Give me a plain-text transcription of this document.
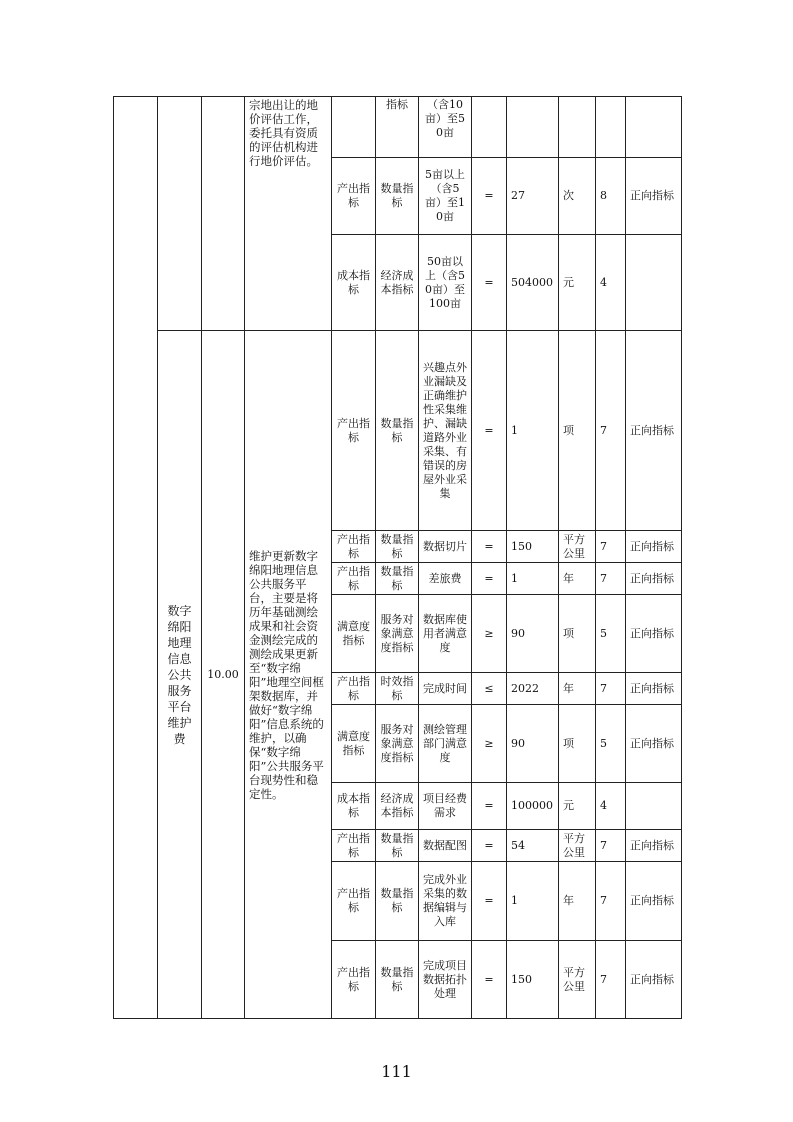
			宗地出让的地价评估工作，委托具有资质的评估机构进行地价评估。		指标	（含10亩）至50亩					
				产出指标	数量指标	5亩以上（含5亩）至10亩	=	27	次	8	正向指标
				成本指标	经济成本指标	50亩以上（含50亩）至100亩	=	504000	元	4	
	数字绵阳地理信息公共服务平台维护费	10.00	维护更新数字绵阳地理信息公共服务平台，主要是将历年基础测绘成果和社会资金测绘完成的测绘成果更新至“数字绵阳”地理空间框架数据库，并做好“数字绵阳”信息系统的维护，以确保“数字绵阳”公共服务平台现势性和稳定性。	产出指标	数量指标	兴趣点外业漏缺及正确维护性采集维护、漏缺道路外业采集、有错误的房屋外业采集	=	1	项	7	正向指标
				产出指标	数量指标	数据切片	=	150	平方公里	7	正向指标
				产出指标	数量指标	差旅费	=	1	年	7	正向指标
				满意度指标	服务对象满意度指标	数据库使用者满意度	≥	90	项	5	正向指标
				产出指标	时效指标	完成时间	≤	2022	年	7	正向指标
				满意度指标	服务对象满意度指标	测绘管理部门满意度	≥	90	项	5	正向指标
				成本指标	经济成本指标	项目经费需求	=	100000	元	4	
				产出指标	数量指标	数据配图	=	54	平方公里	7	正向指标
				产出指标	数量指标	完成外业采集的数据编辑与入库	=	1	年	7	正向指标
				产出指标	数量指标	完成项目数据拓扑处理	=	150	平方公里	7	正向指标
111
